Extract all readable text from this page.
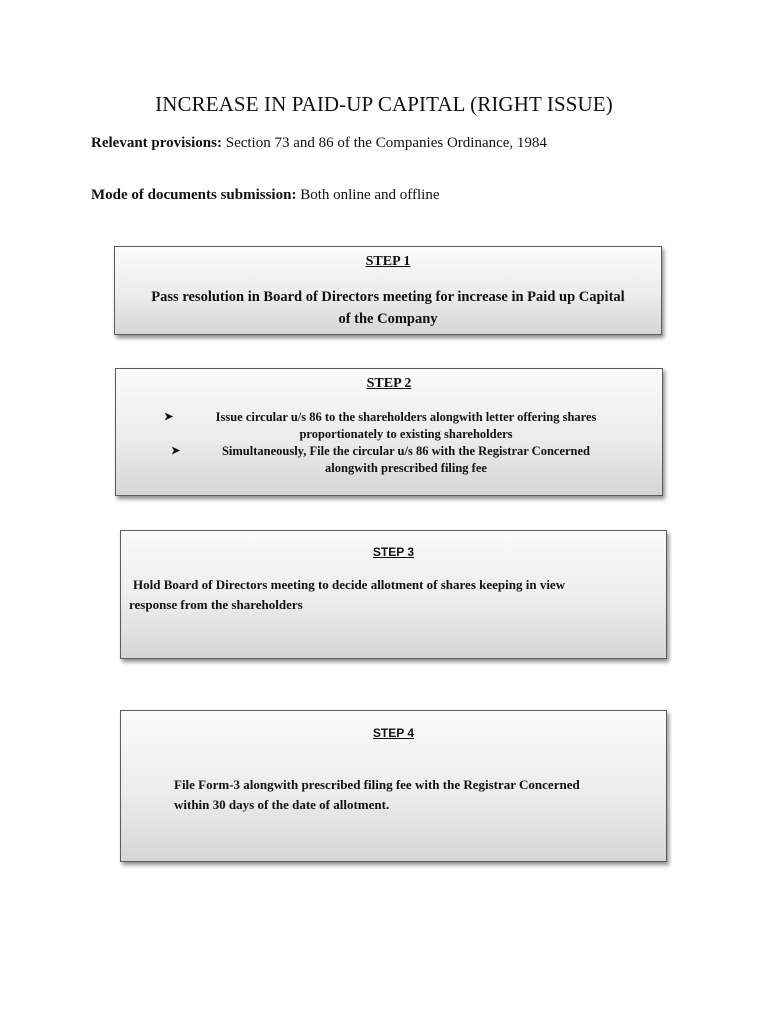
INCREASE IN PAID-UP CAPITAL (RIGHT ISSUE)
Relevant provisions: Section 73 and 86 of the Companies Ordinance, 1984
Mode of documents submission: Both online and offline
STEP 1
Pass resolution in Board of Directors meeting for increase in Paid up Capital
of the Company
STEP 2
➤	Issue circular u/s 86 to the shareholders alongwith letter offering shares
proportionately to existing shareholders
➤	Simultaneously, File the circular u/s 86 with the Registrar Concerned
alongwith prescribed filing fee
STEP 3
Hold Board of Directors meeting to decide allotment of shares keeping in view
response from the shareholders
STEP 4
File Form-3 alongwith prescribed filing fee with the Registrar Concerned
within 30 days of the date of allotment.
